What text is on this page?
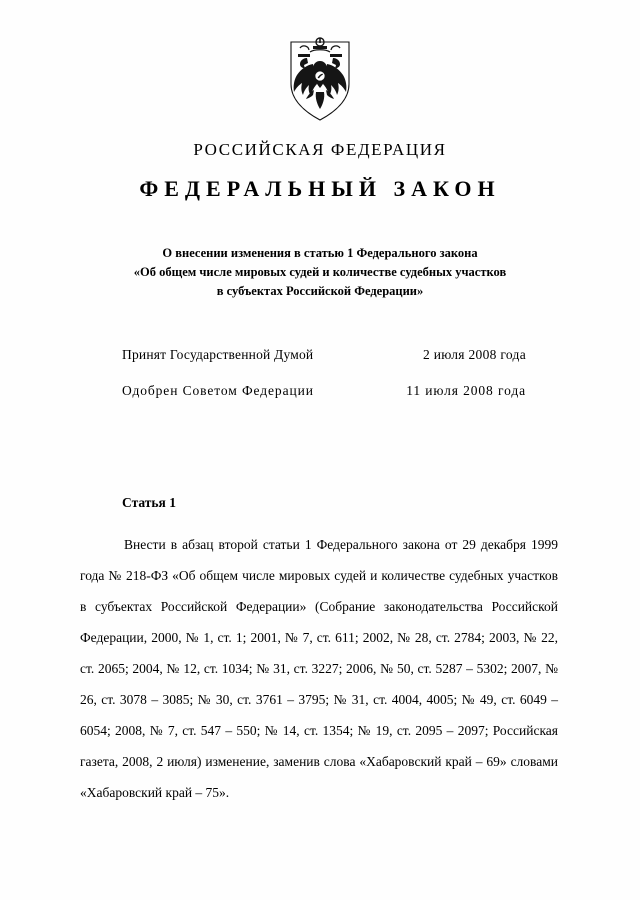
РОССИЙСКАЯ ФЕДЕРАЦИЯ
ФЕДЕРАЛЬНЫЙ ЗАКОН
О внесении изменения в статью 1 Федерального закона
«Об общем числе мировых судей и количестве судебных участков
в субъектах Российской Федерации»
Принят Государственной Думой	2 июля 2008 года
Одобрен Советом Федерации	11 июля 2008 года
Статья 1
Внести в абзац второй статьи 1 Федерального закона от 29 декабря 1999 года № 218-ФЗ «Об общем числе мировых судей и количестве судебных участков в субъектах Российской Федерации» (Собрание законодательства Российской Федерации, 2000, № 1, ст. 1; 2001, № 7, ст. 611; 2002, № 28, ст. 2784; 2003, № 22, ст. 2065; 2004, № 12, ст. 1034; № 31, ст. 3227; 2006, № 50, ст. 5287 – 5302; 2007, № 26, ст. 3078 – 3085; № 30, ст. 3761 – 3795; № 31, ст. 4004, 4005; № 49, ст. 6049 – 6054; 2008, № 7, ст. 547 – 550; № 14, ст. 1354; № 19, ст. 2095 – 2097; Российская газета, 2008, 2 июля) изменение, заменив слова «Хабаровский край – 69» словами «Хабаровский край – 75».
